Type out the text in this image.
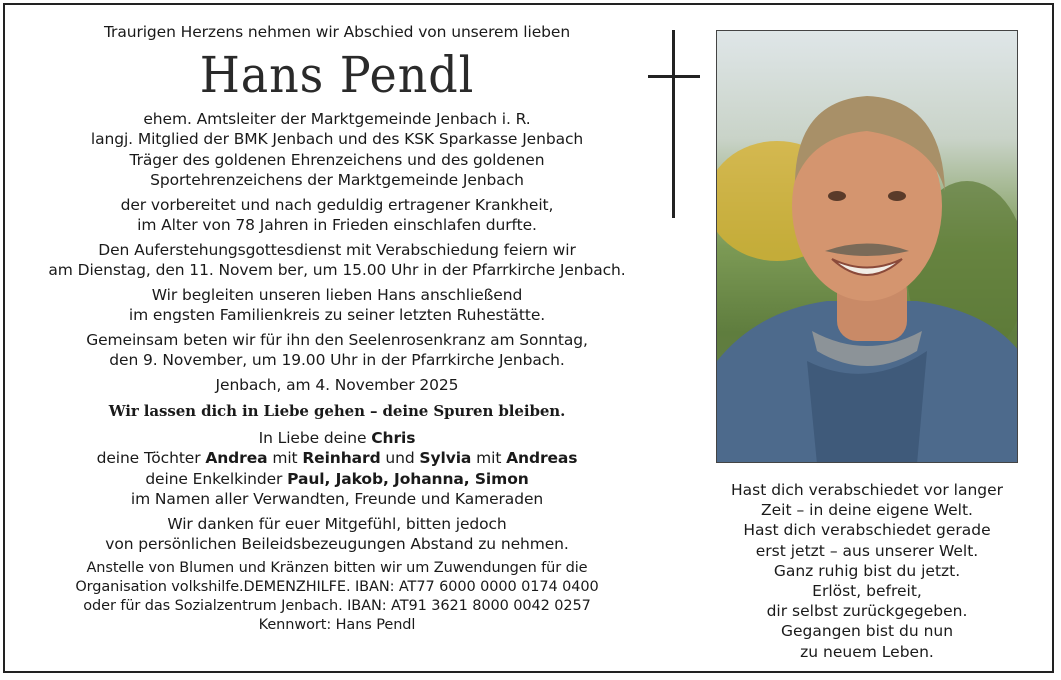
Traurigen Herzens nehmen wir Abschied von unserem lieben
Hans Pendl
ehem. Amtsleiter der Marktgemeinde Jenbach i. R.
langj. Mitglied der BMK Jenbach und des KSK Sparkasse Jenbach
Träger des goldenen Ehrenzeichens und des goldenen
Sportehrenzeichens der Marktgemeinde Jenbach
der vorbereitet und nach geduldig ertragener Krankheit,
im Alter von 78 Jahren in Frieden einschlafen durfte.
Den Auferstehungsgottesdienst mit Verabschiedung feiern wir
am Dienstag, den 11. Novem ber, um 15.00 Uhr in der Pfarrkirche Jenbach.
Wir begleiten unseren lieben Hans anschließend
im engsten Familienkreis zu seiner letzten Ruhestätte.
Gemeinsam beten wir für ihn den Seelenrosenkranz am Sonntag,
den 9. November, um 19.00 Uhr in der Pfarrkirche Jenbach.
Jenbach, am 4. November 2025
Wir lassen dich in Liebe gehen – deine Spuren bleiben.
In Liebe deine Chris
deine Töchter Andrea mit Reinhard und Sylvia mit Andreas
deine Enkelkinder Paul, Jakob, Johanna, Simon
im Namen aller Verwandten, Freunde und Kameraden
Wir danken für euer Mitgefühl, bitten jedoch
von persönlichen Beileidsbezeugungen Abstand zu nehmen.
Anstelle von Blumen und Kränzen bitten wir um Zuwendungen für die
Organisation volkshilfe.DEMENZHILFE. IBAN: AT77 6000 0000 0174 0400
oder für das Sozialzentrum Jenbach. IBAN: AT91 3621 8000 0042 0257
Kennwort: Hans Pendl
Hast dich verabschiedet vor langer
Zeit – in deine eigene Welt.
Hast dich verabschiedet gerade
erst jetzt – aus unserer Welt.
Ganz ruhig bist du jetzt.
Erlöst, befreit,
dir selbst zurückgegeben.
Gegangen bist du nun
zu neuem Leben.
